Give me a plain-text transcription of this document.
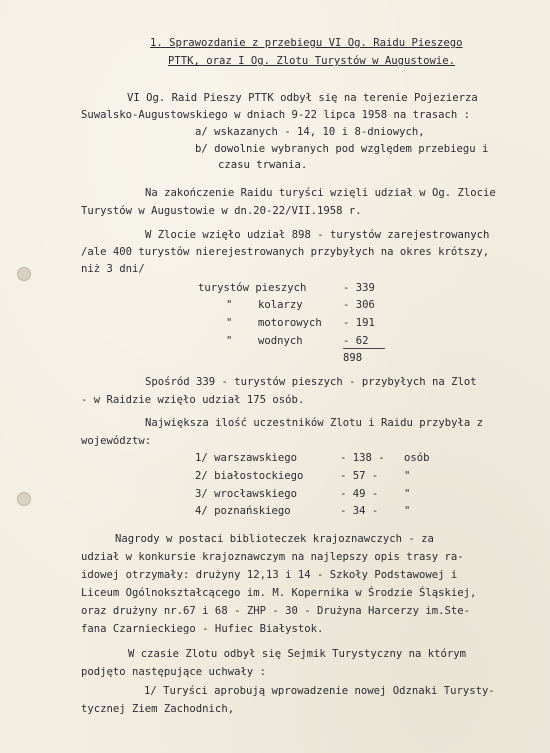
1. Sprawozdanie z przebiegu VI Og. Raidu Pieszego
PTTK, oraz I Og. Zlotu Turystów w Augustowie.
VI Og. Raid Pieszy PTTK odbył się na terenie Pojezierza
Suwalsko-Augustowskiego w dniach 9-22 lipca 1958 na trasach :
a/ wskazanych - 14, 10 i 8-dniowych,
b/ dowolnie wybranych pod względem przebiegu i
czasu trwania.
Na zakończenie Raidu turyści wzięli udział w Og. Zlocie
Turystów w Augustowie w dn.20-22/VII.1958 r.
W Zlocie wzięło udział 898 - turystów zarejestrowanych
/ale 400 turystów nierejestrowanych przybyłych na okres krótszy,
niż 3 dni/
turystów pieszych	- 339
" kolarzy	- 306
" motorowych - 191
" wodnych	- 62
898
Spośród 339 - turystów pieszych - przybyłych na Zlot
- w Raidzie wzięło udział 175 osób.
Największa ilość uczestników Zlotu i Raidu przybyła z
województw:
1/ warszawskiego	- 138 - osób
2/ białostockiego	- 57 - "
3/ wrocławskiego	- 49 - "
4/ poznańskiego	- 34 - "
Nagrody w postaci biblioteczek krajoznawczych - za
udział w konkursie krajoznawczym na najlepszy opis trasy ra-
idowej otrzymały: drużyny 12,13 i 14 - Szkoły Podstawowej i
Liceum Ogólnokształcącego im. M. Kopernika w Środzie Śląskiej,
oraz drużyny nr.67 i 68 - ZHP - 30 - Drużyna Harcerzy im.Ste-
fana Czarnieckiego - Hufiec Białystok.
W czasie Zlotu odbył się Sejmik Turystyczny na którym
podjęto następujące uchwały :
1/ Turyści aprobują wprowadzenie nowej Odznaki Turysty-
tycznej Ziem Zachodnich,
